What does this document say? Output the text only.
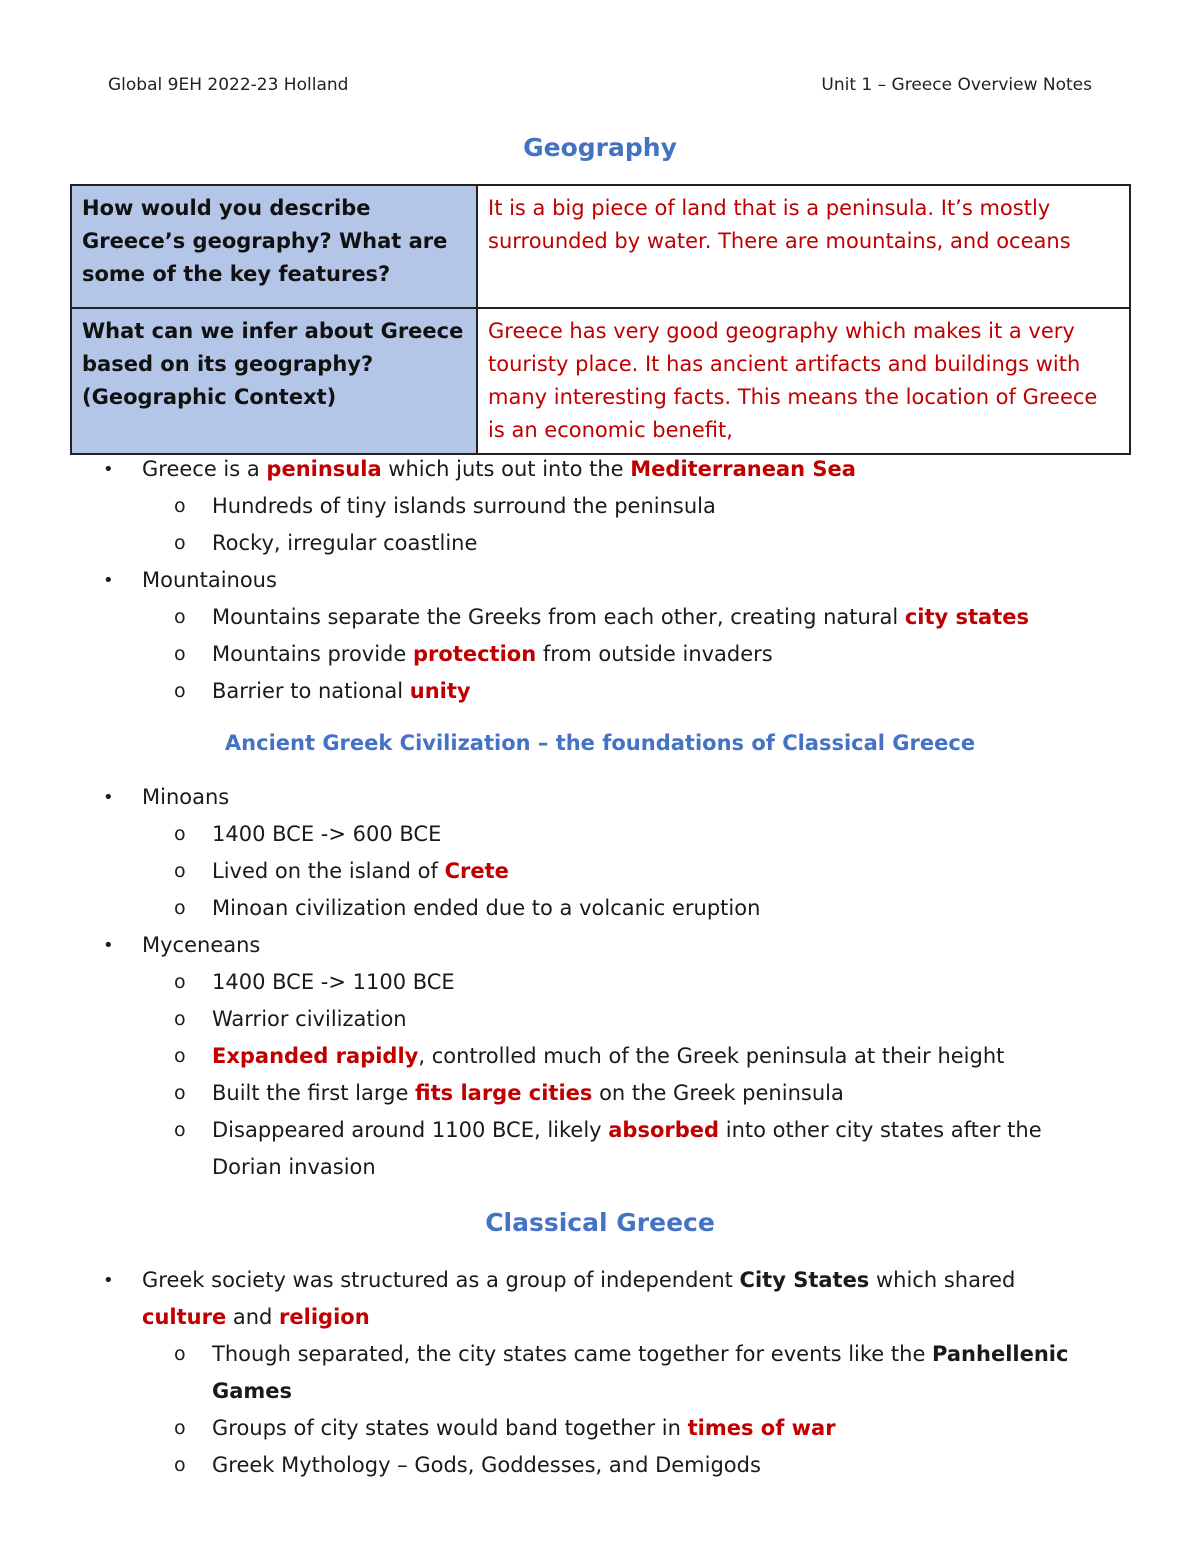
Global 9EH 2022-23 Holland	Unit 1 – Greece Overview Notes
Geography
How would you describe Greece’s geography? What are some of the key features?	It is a big piece of land that is a peninsula. It’s mostly surrounded by water. There are mountains, and oceans
What can we infer about Greece based on its geography? (Geographic Context)	Greece has very good geography which makes it a very touristy place. It has ancient artifacts and buildings with many interesting facts. This means the location of Greece is an economic benefit,
• Greece is a peninsula which juts out into the Mediterranean Sea
o Hundreds of tiny islands surround the peninsula
o Rocky, irregular coastline
• Mountainous
o Mountains separate the Greeks from each other, creating natural city states
o Mountains provide protection from outside invaders
o Barrier to national unity
Ancient Greek Civilization – the foundations of Classical Greece
• Minoans
o 1400 BCE -> 600 BCE
o Lived on the island of Crete
o Minoan civilization ended due to a volcanic eruption
• Myceneans
o 1400 BCE -> 1100 BCE
o Warrior civilization
o Expanded rapidly, controlled much of the Greek peninsula at their height
o Built the first large fits large cities on the Greek peninsula
o Disappeared around 1100 BCE, likely absorbed into other city states after the Dorian invasion
Classical Greece
• Greek society was structured as a group of independent City States which shared culture and religion
o Though separated, the city states came together for events like the Panhellenic Games
o Groups of city states would band together in times of war
o Greek Mythology – Gods, Goddesses, and Demigods
